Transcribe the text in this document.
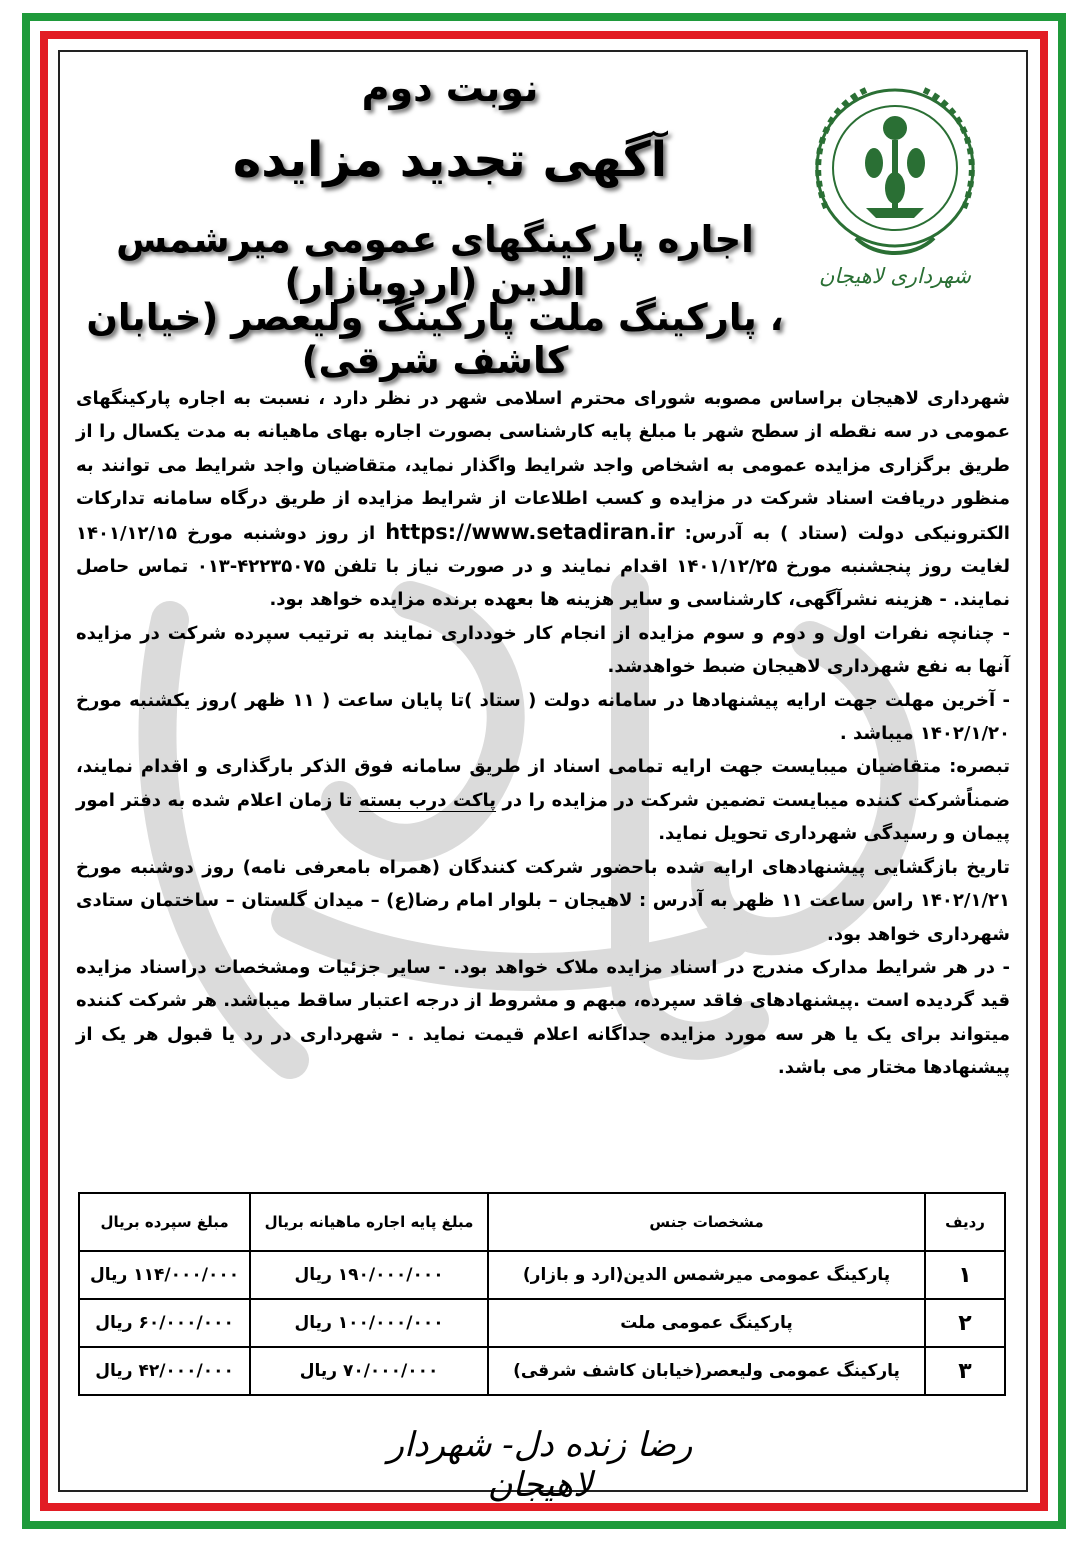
شهرداری لاهیجان
نوبت دوم
آگهی تجدید مزایده
اجاره پارکینگهای عمومی میرشمس الدین (اردوبازار)
، پارکینگ ملت پارکینگ ولیعصر (خیابان کاشف شرقی)

شهرداری لاهیجان براساس مصوبه شورای محترم اسلامی شهر در نظر دارد ، نسبت به اجاره پارکینگهای عمومی در سه نقطه از سطح شهر با مبلغ پایه کارشناسی بصورت اجاره بهای ماهیانه به مدت یکسال را از طریق برگزاری مزایده عمومی به اشخاص واجد شرایط واگذار نماید، متقاضیان واجد شرایط می توانند به منظور دریافت اسناد شرکت در مزایده و کسب اطلاعات از شرایط مزایده از طریق درگاه سامانه تدارکات الکترونیکی دولت (ستاد ) به آدرس: https://www.setadiran.ir از روز دوشنبه مورخ ۱۴۰۱/۱۲/۱۵ لغایت روز پنجشنبه مورخ ۱۴۰۱/۱۲/۲۵ اقدام نمایند و در صورت نیاز با تلفن ۴۲۲۳۵۰۷۵-۰۱۳ تماس حاصل نمایند. - هزینه نشرآگهی، کارشناسی و سایر هزینه ها بعهده برنده مزایده خواهد بود.

- چنانچه نفرات اول و دوم و سوم مزایده از انجام کار خودداری نمایند به ترتیب سپرده شرکت در مزایده آنها به نفع شهرداری لاهیجان ضبط خواهدشد.

- آخرین مهلت جهت ارایه پیشنهادها در سامانه دولت ( ستاد )تا پایان ساعت ( ۱۱ ظهر )روز یکشنبه مورخ ۱۴۰۲/۱/۲۰ میباشد .

تبصره: متقاضیان میبایست جهت ارایه تمامی اسناد از طریق سامانه فوق الذکر بارگذاری و اقدام نمایند، ضمناًشرکت کننده میبایست تضمین شرکت در مزایده را در پاکت درب بسته تا زمان اعلام شده به دفتر امور پیمان و رسیدگی شهرداری تحویل نماید.

تاریخ بازگشایی پیشنهادهای ارایه شده باحضور شرکت کنندگان (همراه بامعرفی نامه) روز دوشنبه مورخ ۱۴۰۲/۱/۲۱ راس ساعت ۱۱ ظهر به آدرس : لاهیجان – بلوار امام رضا(ع) – میدان گلستان – ساختمان ستادی شهرداری خواهد بود.

- در هر شرایط مدارک مندرج در اسناد مزایده ملاک خواهد بود. - سایر جزئیات ومشخصات دراسناد مزایده قید گردیده است .پیشنهادهای فاقد سپرده، مبهم و مشروط از درجه اعتبار ساقط میباشد. هر شرکت کننده میتواند برای یک یا هر سه مورد مزایده جداگانه اعلام قیمت نماید . - شهرداری در رد یا قبول هر یک از پیشنهادها مختار می باشد.

ردیف	مشخصات جنس	مبلغ پایه اجاره ماهیانه بریال	مبلغ سپرده بریال
۱	پارکینگ عمومی میرشمس الدین(ارد و بازار)	۱۹۰/۰۰۰/۰۰۰ ریال	۱۱۴/۰۰۰/۰۰۰ ریال
۲	پارکینگ عمومی ملت	۱۰۰/۰۰۰/۰۰۰ ریال	۶۰/۰۰۰/۰۰۰ ریال
۳	پارکینگ عمومی ولیعصر(خیابان کاشف شرقی)	۷۰/۰۰۰/۰۰۰ ریال	۴۲/۰۰۰/۰۰۰ ریال
رضا زنده دل- شهردار لاهیجان
